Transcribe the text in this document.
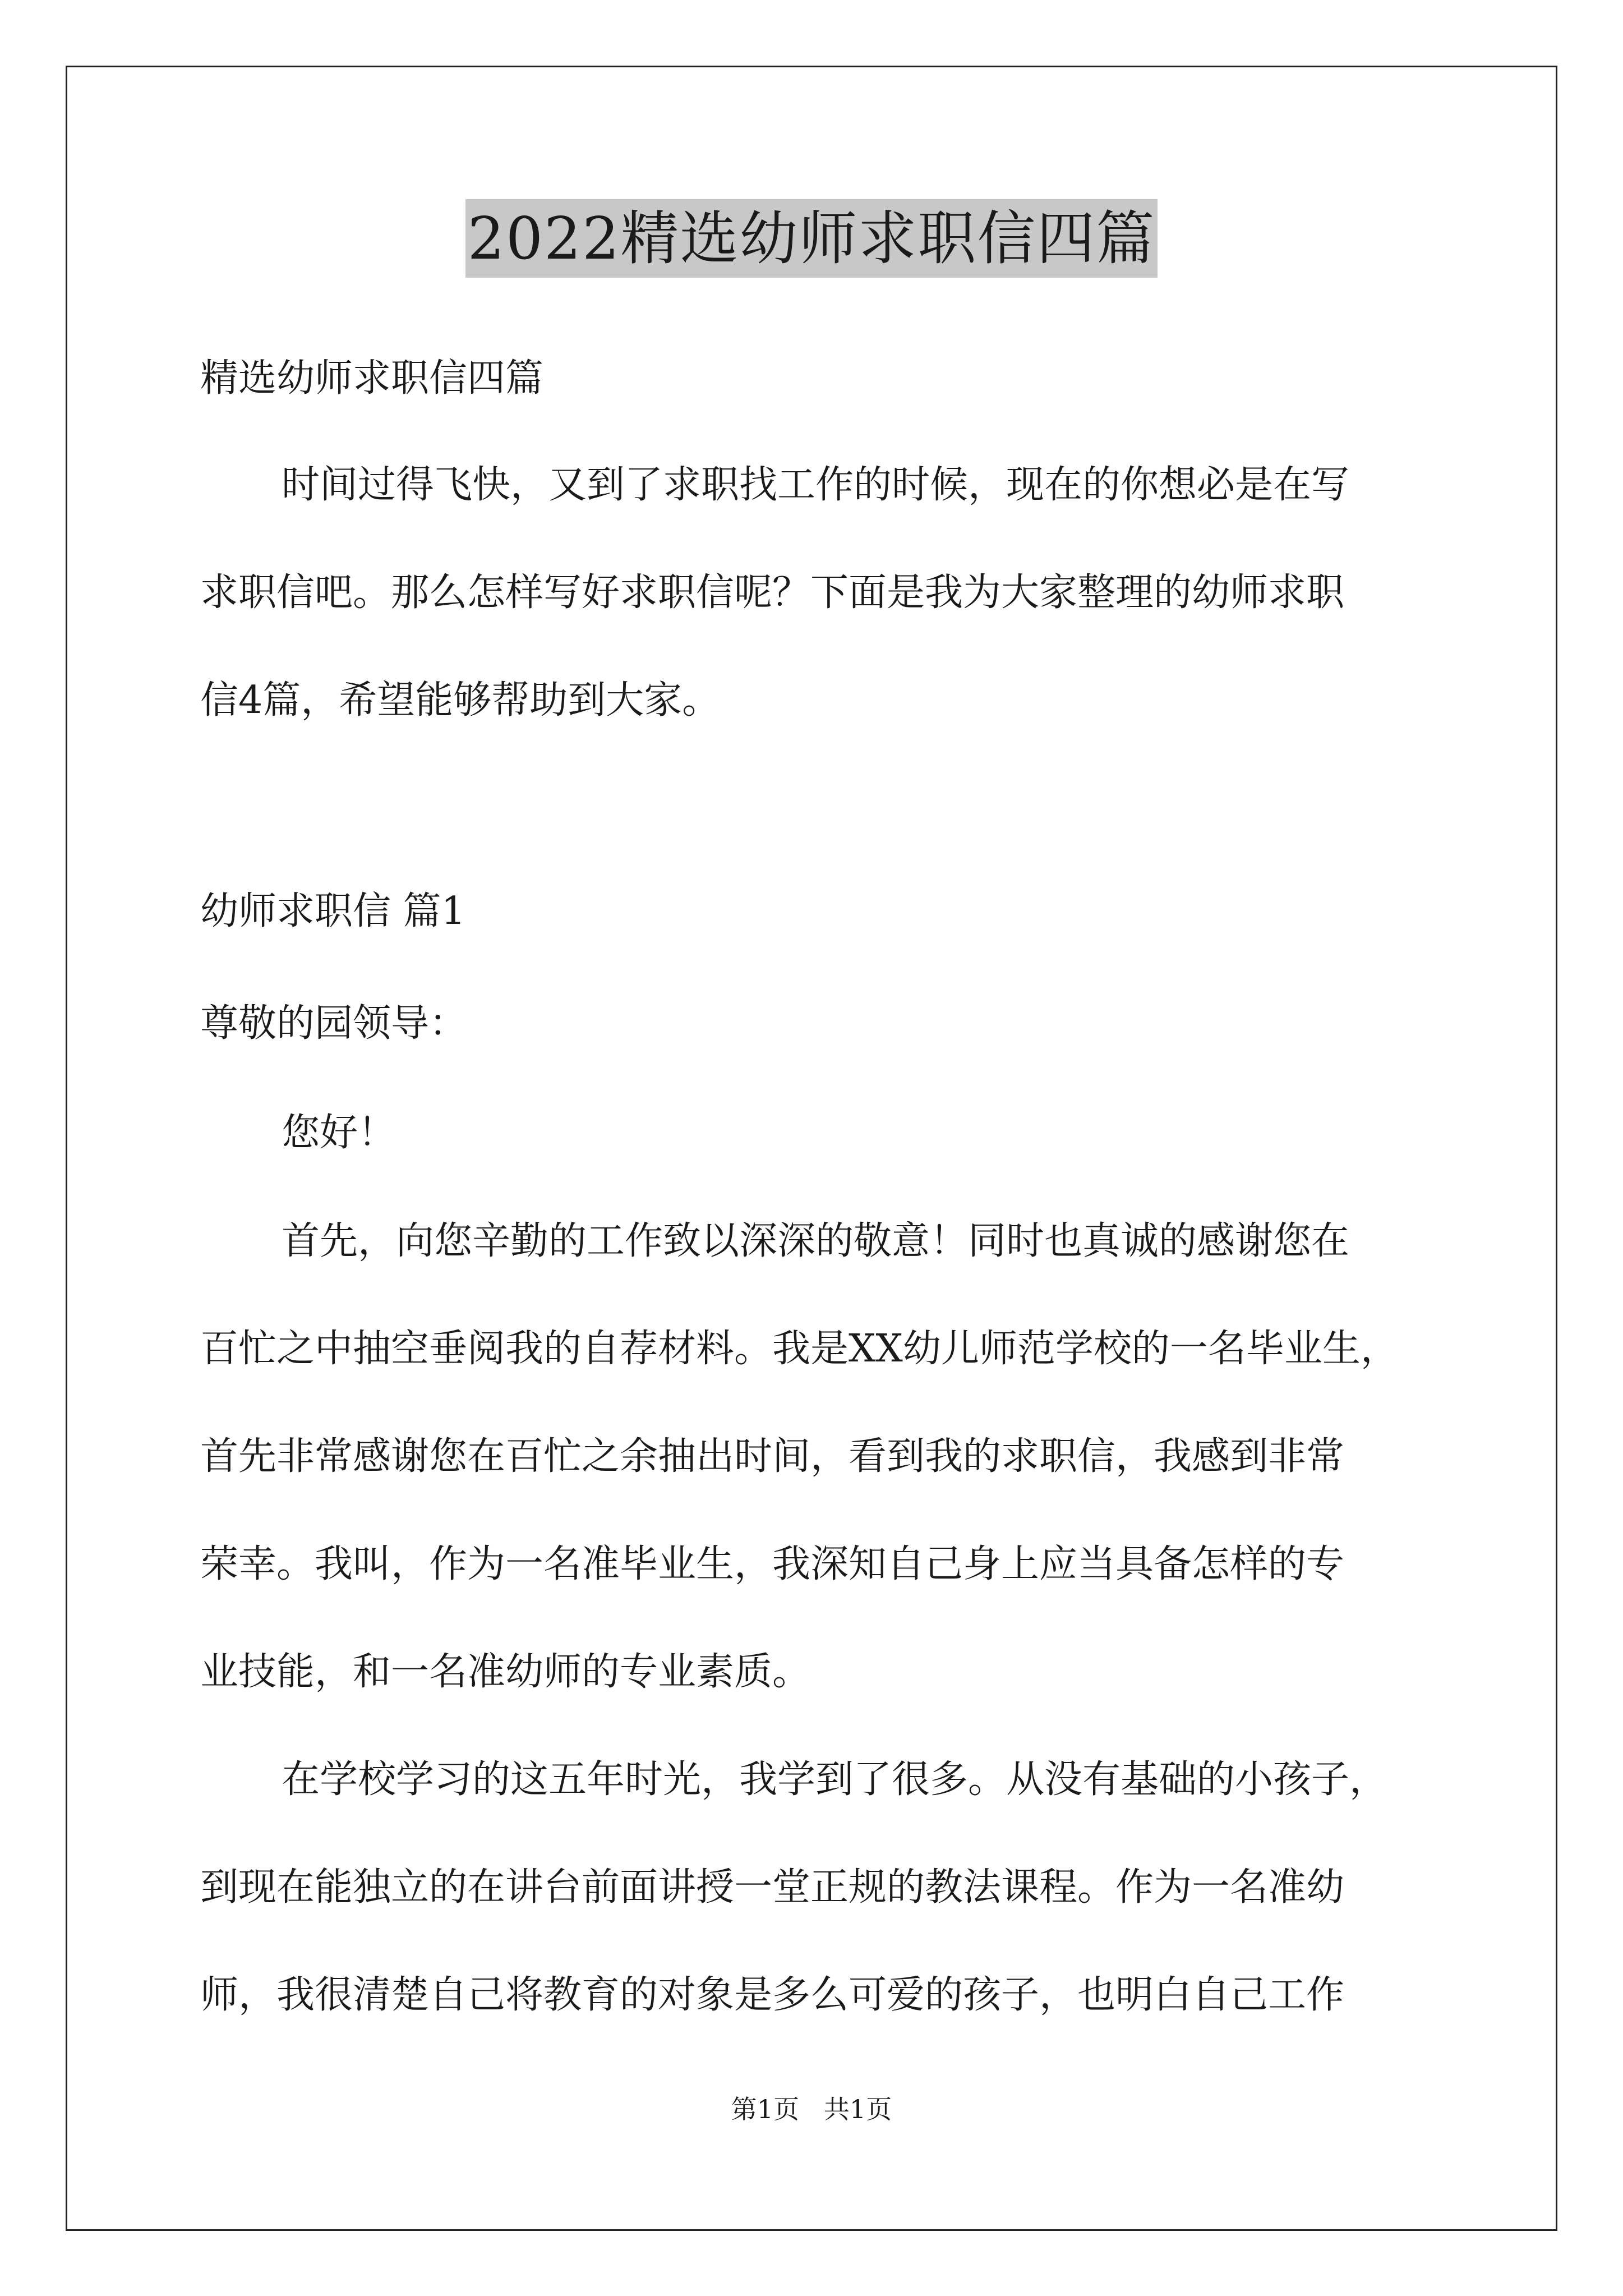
2022精选幼师求职信四篇
精选幼师求职信四篇
时间过得飞快，又到了求职找工作的时候，现在的你想必是在写
求职信吧。那么怎样写好求职信呢？下面是我为大家整理的幼师求职
信4篇，希望能够帮助到大家。
幼师求职信 篇1
尊敬的园领导：
您好！
首先，向您辛勤的工作致以深深的敬意！同时也真诚的感谢您在
百忙之中抽空垂阅我的自荐材料。我是XX幼儿师范学校的一名毕业生，
首先非常感谢您在百忙之余抽出时间，看到我的求职信，我感到非常
荣幸。我叫，作为一名准毕业生，我深知自己身上应当具备怎样的专
业技能，和一名准幼师的专业素质。
在学校学习的这五年时光，我学到了很多。从没有基础的小孩子，
到现在能独立的在讲台前面讲授一堂正规的教法课程。作为一名准幼
师，我很清楚自己将教育的对象是多么可爱的孩子，也明白自己工作
第1页   共1页
